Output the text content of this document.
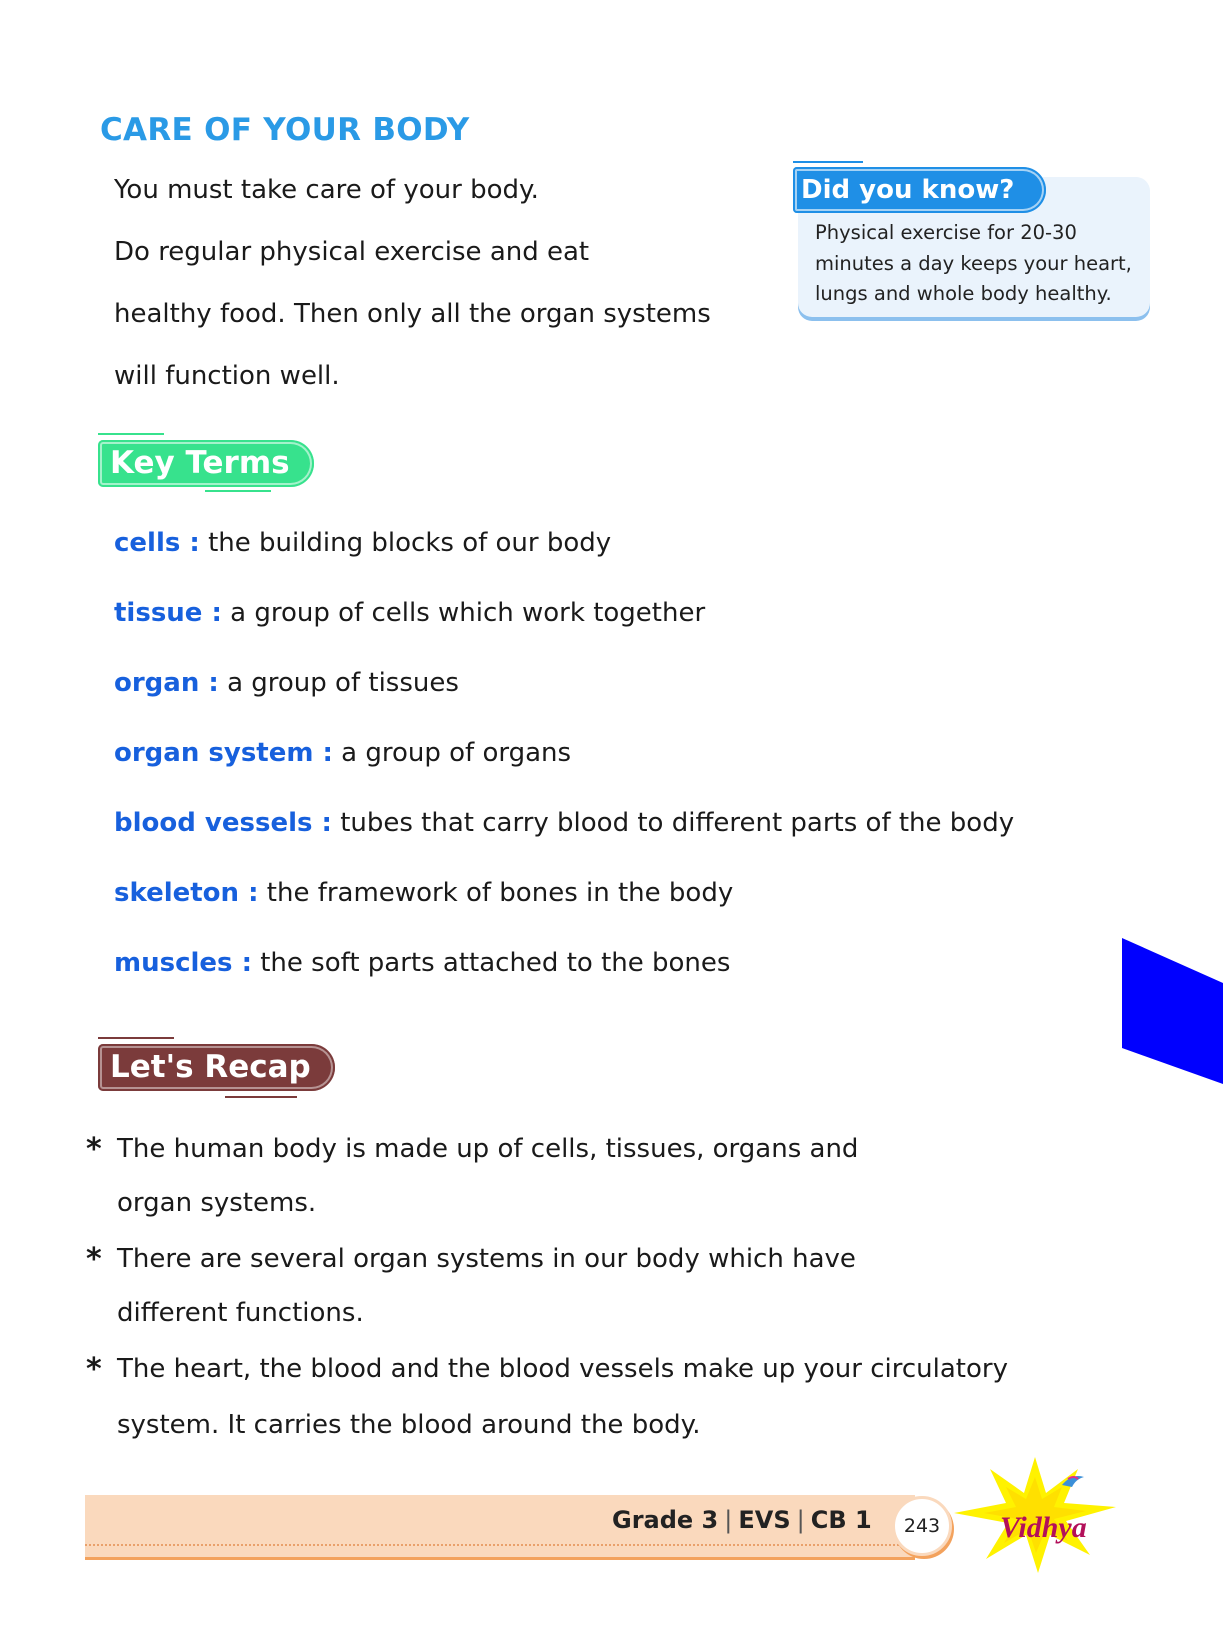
CARE OF YOUR BODY

You must take care of your body.

Do regular physical exercise and eat

healthy food. Then only all the organ systems

will function well.

Did you know?

Physical exercise for 20-30
minutes a day keeps your heart,
lungs and whole body healthy.

Key Terms

cells : the building blocks of our body

tissue : a group of cells which work together

organ : a group of tissues

organ system : a group of organs

blood vessels : tubes that carry blood to different parts of the body

skeleton : the framework of bones in the body

muscles : the soft parts attached to the bones

Let's Recap
* The human body is made up of cells, tissues, organs and

organ systems.

* There are several organ systems in our body which have

different functions.

* The heart, the blood and the blood vessels make up your circulatory

system. It carries the blood around the body.

Grade 3 | EVS | CB 1	243	Vidhya
